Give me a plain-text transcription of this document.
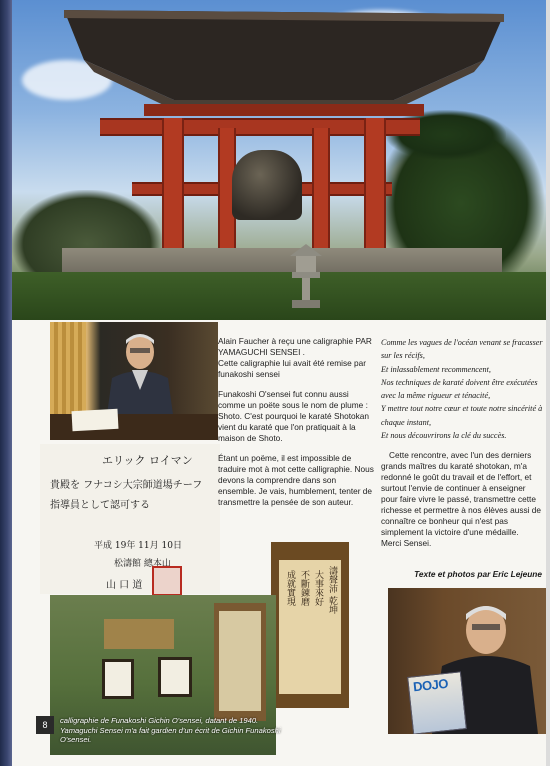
エリック ロイマン
貴殿を フナコシ大宗師道場チーフ
指導員として認可する
平成 19年 11月 10日
松濤館 總本山
山 口 道

Alain Faucher à reçu une caligraphie PAR YAMAGUCHI SENSEI .
Cette caligraphie lui avait été remise par funakoshi sensei

Funakoshi O'sensei fut connu aussi comme un poëte sous le nom de plume : Shoto. C'est pourquoi le karaté Shotokan vient du karaté que l'on pratiquait à la maison de Shoto.

Étant un poëme, il est impossible de traduire mot à mot cette calligraphie. Nous devons la comprendre dans son ensemble. Je vais, humblement, tenter de transmettre la pensée de son auteur.

Comme les vagues de l'océan venant se fracasser sur les récifs,

Et inlassablement recommencent,

Nos techniques de karaté doivent être exécutées avec la même rigueur et ténacité,

Y mettre tout notre cœur et toute notre sincérité à chaque instant,

Et nous découvrirons la clé du succès.

Cette rencontre, avec l'un des derniers grands maîtres du karaté shotokan, m'a redonné le goût du travail et de l'effort, et surtout l'envie de continuer à enseigner pour faire vivre le passé, transmettre cette richesse et permettre à nos élèves aussi de connaître ce bonheur qui n'est pas simplement la victoire d'une médaille.
Merci Sensei.

Texte et photos par Eric Lejeune
濤聲沛 乾坤
大事來好
不斷錬磨
成就實現
calligraphie de Funakoshi Gichin O'sensei, datant de 1940.
Yamaguchi Sensei m'a fait gardien d'un écrit de Gichin Funakoshi O'sensei.
DOJO
8
